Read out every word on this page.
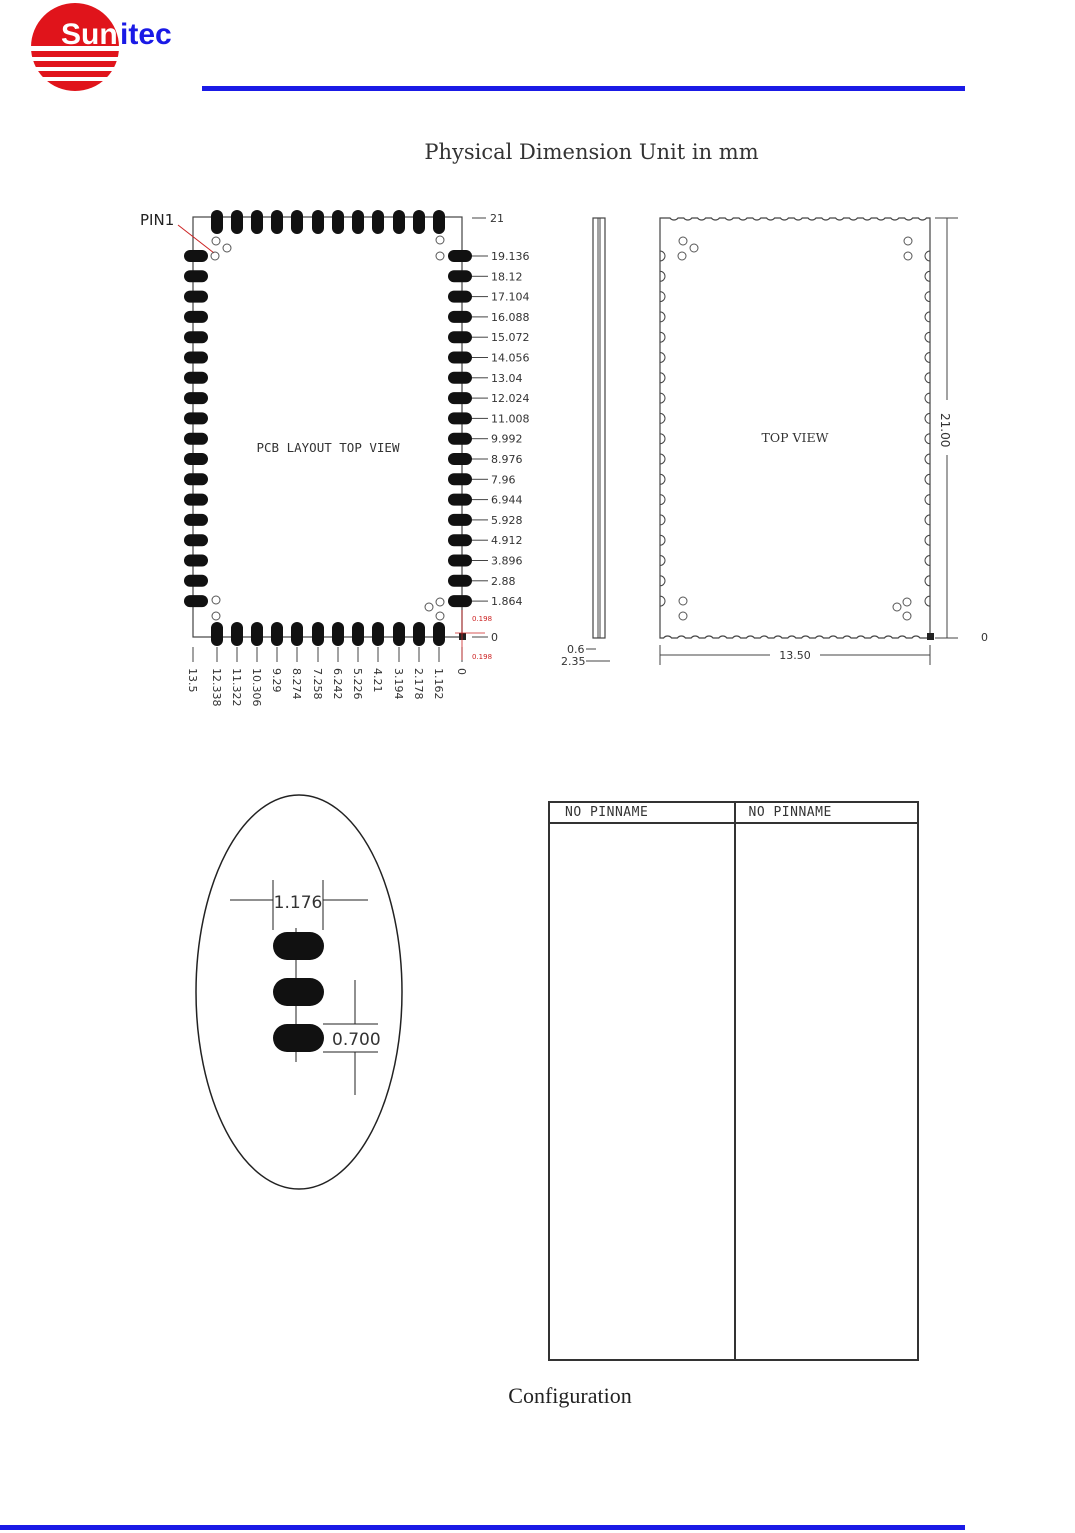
Sun itec
Physical Dimension Unit in mm
PIN1
PCB LAYOUT TOP VIEW
21
19.136
18.12
17.104
16.088
15.072
14.056
13.04
12.024
11.008
9.992
8.976
7.96
6.944
5.928
4.912
3.896
2.88
1.864
13.5 12.338 11.322 10.306 9.29 8.274 7.258 6.242 5.226 4.21 3.194 2.178 1.162 0
0
0.198
0.198
0.6
2.35
TOP VIEW	21.00
0
13.50
1.176
0.700
NO PINNAME	NO PINNAME
Configuration
